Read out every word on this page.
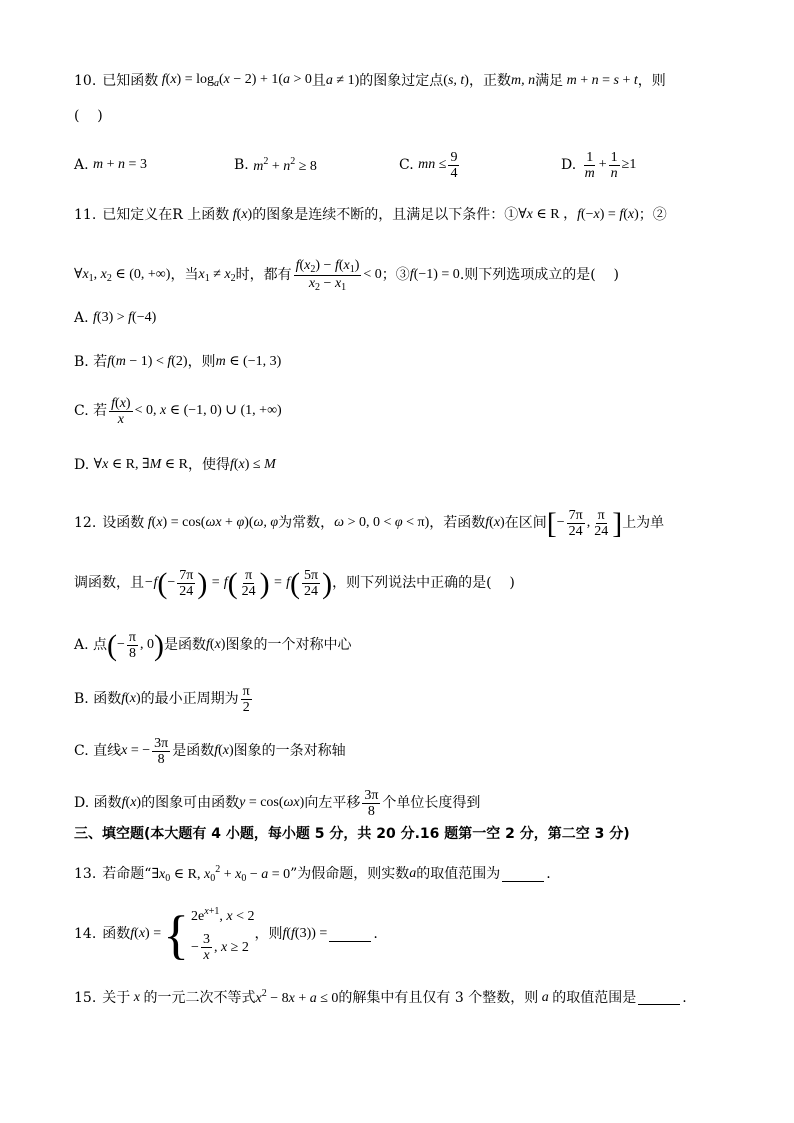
10. 已知函数 $f(x) = \log_a(x - 2) + 1(a > 0$ 且 a ≠ 1) 的图象过定点 (s, t) ，正数 m, n 满足 m + n = s + t ，则
(    )
A.
m + n = 3	B.
$m^2 + n^2 \ge 8$	C.
mn ≤ $\frac{9}{4}$	D.
$\frac{1}{m} + \frac{1}{n} \ge 1$
11. 已知定义在R 上函数 f(x) 的图象是连续不断的，且满足以下条件：① ∀x ∈ R ，f(−x) = f(x) ；②
$\forall x_1$, $x_2$ ∈ (0, +∞) ，当 $x_1 \ne x_2$ 时，都有 $\frac{f(x_2) - f(x_1)}{x_2 - x_1} < 0$ ；③ f(−1) = 0 .则下列选项成立的是(    )
A.
f(3) > f(−4)
B.
若 f(m − 1) < f(2) ，则 m ∈ (−1, 3)
C.
若 $\frac{f(x)}{x} < 0$, x ∈ (−1, 0) ∪ (1, +∞)
D.
∀x ∈ R, ∃M ∈ R ，使得 f(x) ≤ M
12. 设函数 f(x) = cos(ωx + φ)(ω, φ 为常数， ω > 0, 0 < φ < π) ，若函数 f(x) 在区间 [ − $\frac{7\pi}{24}$ , $\frac{\pi}{24}$ ] 上为单
调函数，且 −f ( − $\frac{7\pi}{24}$ ) = f ( $\frac{\pi}{24}$ ) = f ( $\frac{5\pi}{24}$ ) ，则下列说法中正确的是(    )
A.
点 ( − $\frac{\pi}{8}$ , 0 ) 是函数 f(x) 图象的一个对称中心
B.
函数 f(x) 的最小正周期为 $\frac{\pi}{2}$
C.
直线 x = − $\frac{3\pi}{8}$ 是函数 f(x) 图象的一条对称轴
D.
函数 f(x) 的图象可由函数 y = cos(ωx) 向左平移 $\frac{3\pi}{8}$ 个单位长度得到
三、填空题(本大题有 4 小题，每小题 5 分，共 20 分.16 题第一空 2 分，第二空 3 分)
13. 若命题“ $\exists x_0$ ∈ R, $x_0^2 + x_0 - a = 0$ ”为假命题，则实数 a 的取值范围为	.
14. 函数 f(x) = { $2e^{x+1}$, x < 2
− $\frac{3}{x}$ , x ≥ 2
，则 f(f(3)) =	.
15. 关于 x 的一元二次不等式 $x^2 - 8x + a \le 0$ 的解集中有且仅有 3 个整数，则 a 的取值范围是	.
